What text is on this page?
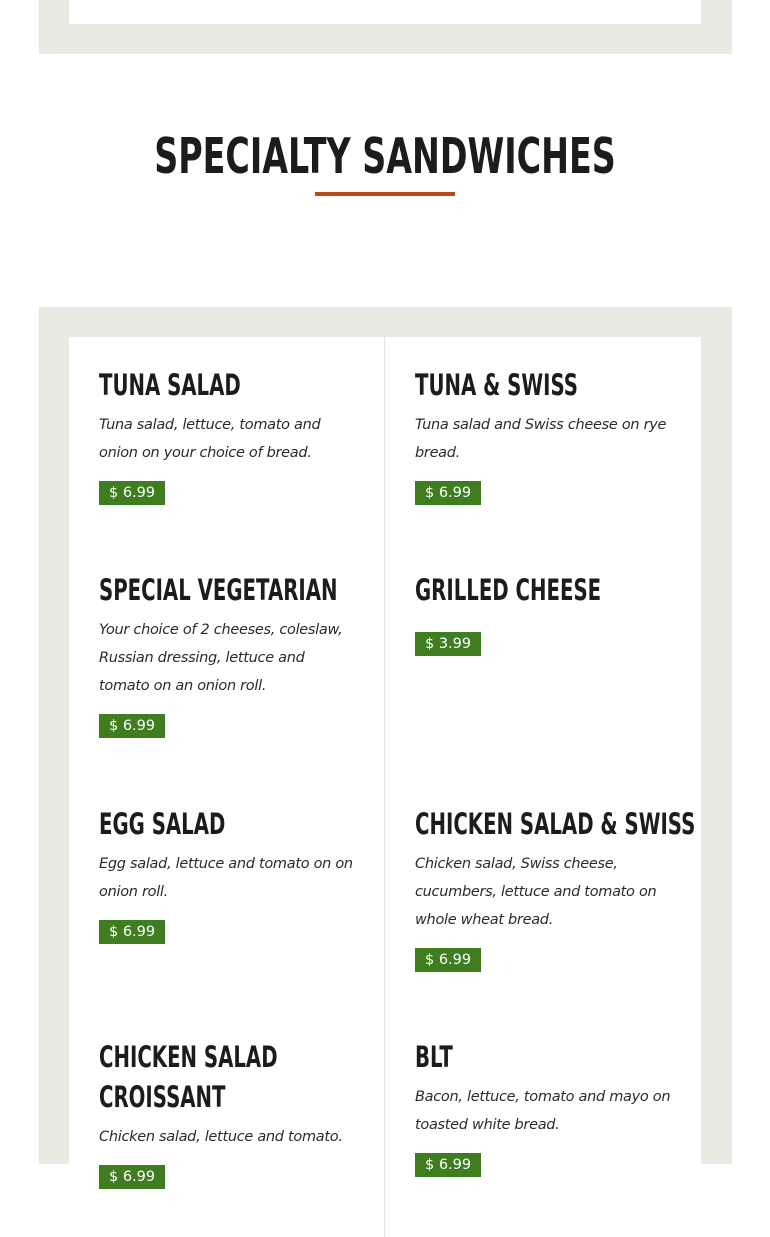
SPECIALTY SANDWICHES
TUNA SALAD
Tuna salad, lettuce, tomato and onion on your choice of bread.
$ 6.99
TUNA & SWISS
Tuna salad and Swiss cheese on rye bread.
$ 6.99
SPECIAL VEGETARIAN
Your choice of 2 cheeses, coleslaw, Russian dressing, lettuce and tomato on an onion roll.
$ 6.99
GRILLED CHEESE
$ 3.99
EGG SALAD
Egg salad, lettuce and tomato on on onion roll.
$ 6.99
CHICKEN SALAD & SWISS
Chicken salad, Swiss cheese, cucumbers, lettuce and tomato on whole wheat bread.
$ 6.99
CHICKEN SALAD CROISSANT
Chicken salad, lettuce and tomato.
$ 6.99
BLT
Bacon, lettuce, tomato and mayo on toasted white bread.
$ 6.99
